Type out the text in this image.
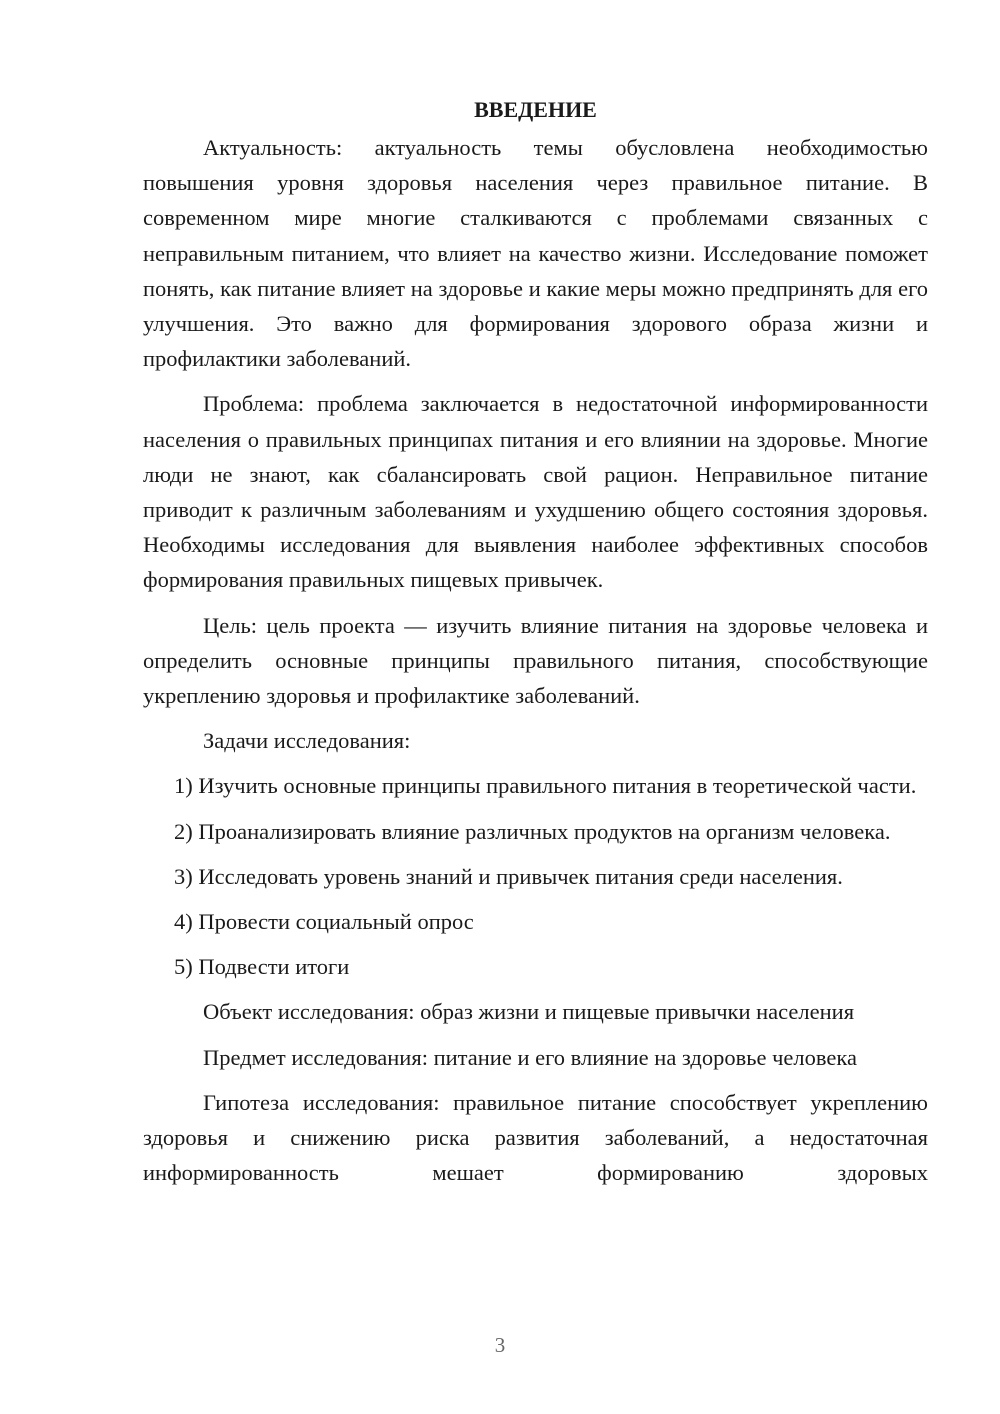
ВВЕДЕНИЕ

Актуальность: актуальность темы обусловлена необходимостью повышения уровня здоровья населения через правильное питание. В современном мире многие сталкиваются с проблемами связанных с неправильным питанием, что влияет на качество жизни. Исследование поможет понять, как питание влияет на здоровье и какие меры можно предпринять для его улучшения. Это важно для формирования здорового образа жизни и профилактики заболеваний.

Проблема: проблема заключается в недостаточной информированности населения о правильных принципах питания и его влиянии на здоровье. Многие люди не знают, как сбалансировать свой рацион. Неправильное питание приводит к различным заболеваниям и ухудшению общего состояния здоровья. Необходимы исследования для выявления наиболее эффективных способов формирования правильных пищевых привычек.

Цель: цель проекта — изучить влияние питания на здоровье человека и определить основные принципы правильного питания, способствующие укреплению здоровья и профилактике заболеваний.

Задачи исследования:

1) Изучить основные принципы правильного питания в теоретической части.

2) Проанализировать влияние различных продуктов на организм человека.

3) Исследовать уровень знаний и привычек питания среди населения.

4) Провести социальный опрос

5) Подвести итоги

Объект исследования: образ жизни и пищевые привычки населения

Предмет исследования: питание и его влияние на здоровье человека

Гипотеза исследования: правильное питание способствует укреплению здоровья и снижению риска развития заболеваний, а недостаточная информированность мешает формированию здоровых

3
